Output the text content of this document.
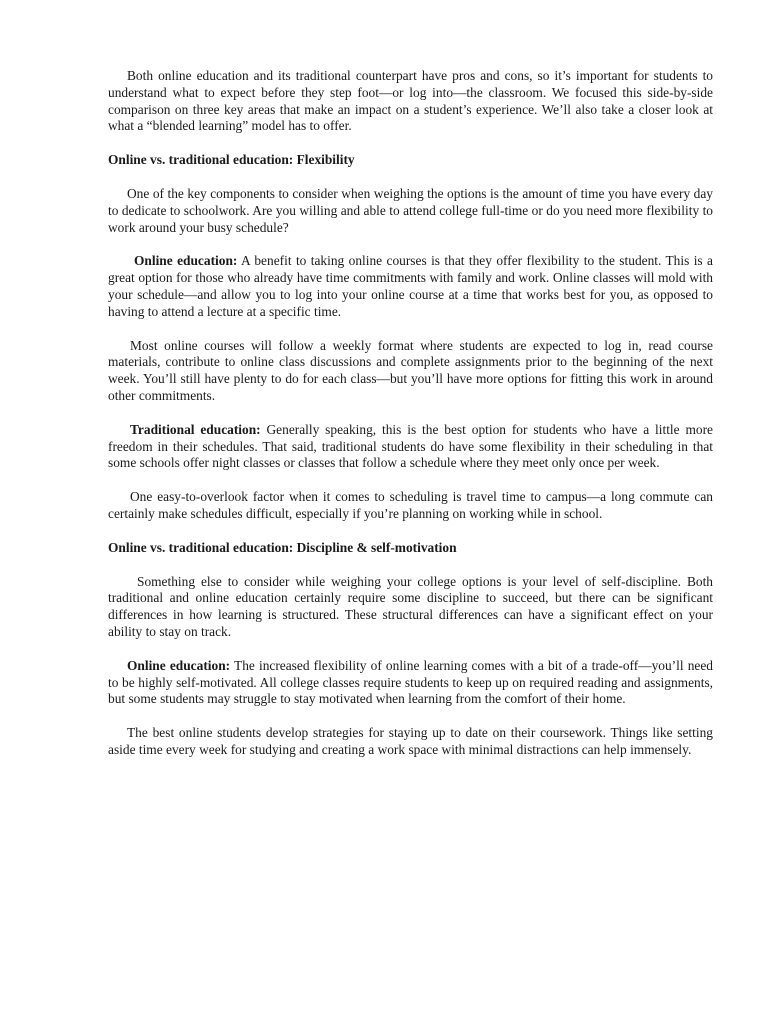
Both online education and its traditional counterpart have pros and cons, so it’s important for students to understand what to expect before they step foot—or log into—the classroom. We focused this side-by-side comparison on three key areas that make an impact on a student’s experience. We’ll also take a closer look at what a “blended learning” model has to offer.

Online vs. traditional education: Flexibility

One of the key components to consider when weighing the options is the amount of time you have every day to dedicate to schoolwork. Are you willing and able to attend college full-time or do you need more flexibility to work around your busy schedule?

Online education: A benefit to taking online courses is that they offer flexibility to the student. This is a great option for those who already have time commitments with family and work. Online classes will mold with your schedule—and allow you to log into your online course at a time that works best for you, as opposed to having to attend a lecture at a specific time.

Most online courses will follow a weekly format where students are expected to log in, read course materials, contribute to online class discussions and complete assignments prior to the beginning of the next week. You’ll still have plenty to do for each class—but you’ll have more options for fitting this work in around other commitments.

Traditional education: Generally speaking, this is the best option for students who have a little more freedom in their schedules. That said, traditional students do have some flexibility in their scheduling in that some schools offer night classes or classes that follow a schedule where they meet only once per week.

One easy-to-overlook factor when it comes to scheduling is travel time to campus—a long commute can certainly make schedules difficult, especially if you’re planning on working while in school.

Online vs. traditional education: Discipline & self-motivation

Something else to consider while weighing your college options is your level of self-discipline. Both traditional and online education certainly require some discipline to succeed, but there can be significant differences in how learning is structured. These structural differences can have a significant effect on your ability to stay on track.

Online education: The increased flexibility of online learning comes with a bit of a trade-off—you’ll need to be highly self-motivated. All college classes require students to keep up on required reading and assignments, but some students may struggle to stay motivated when learning from the comfort of their home.

The best online students develop strategies for staying up to date on their coursework. Things like setting aside time every week for studying and creating a work space with minimal distractions can help immensely.
